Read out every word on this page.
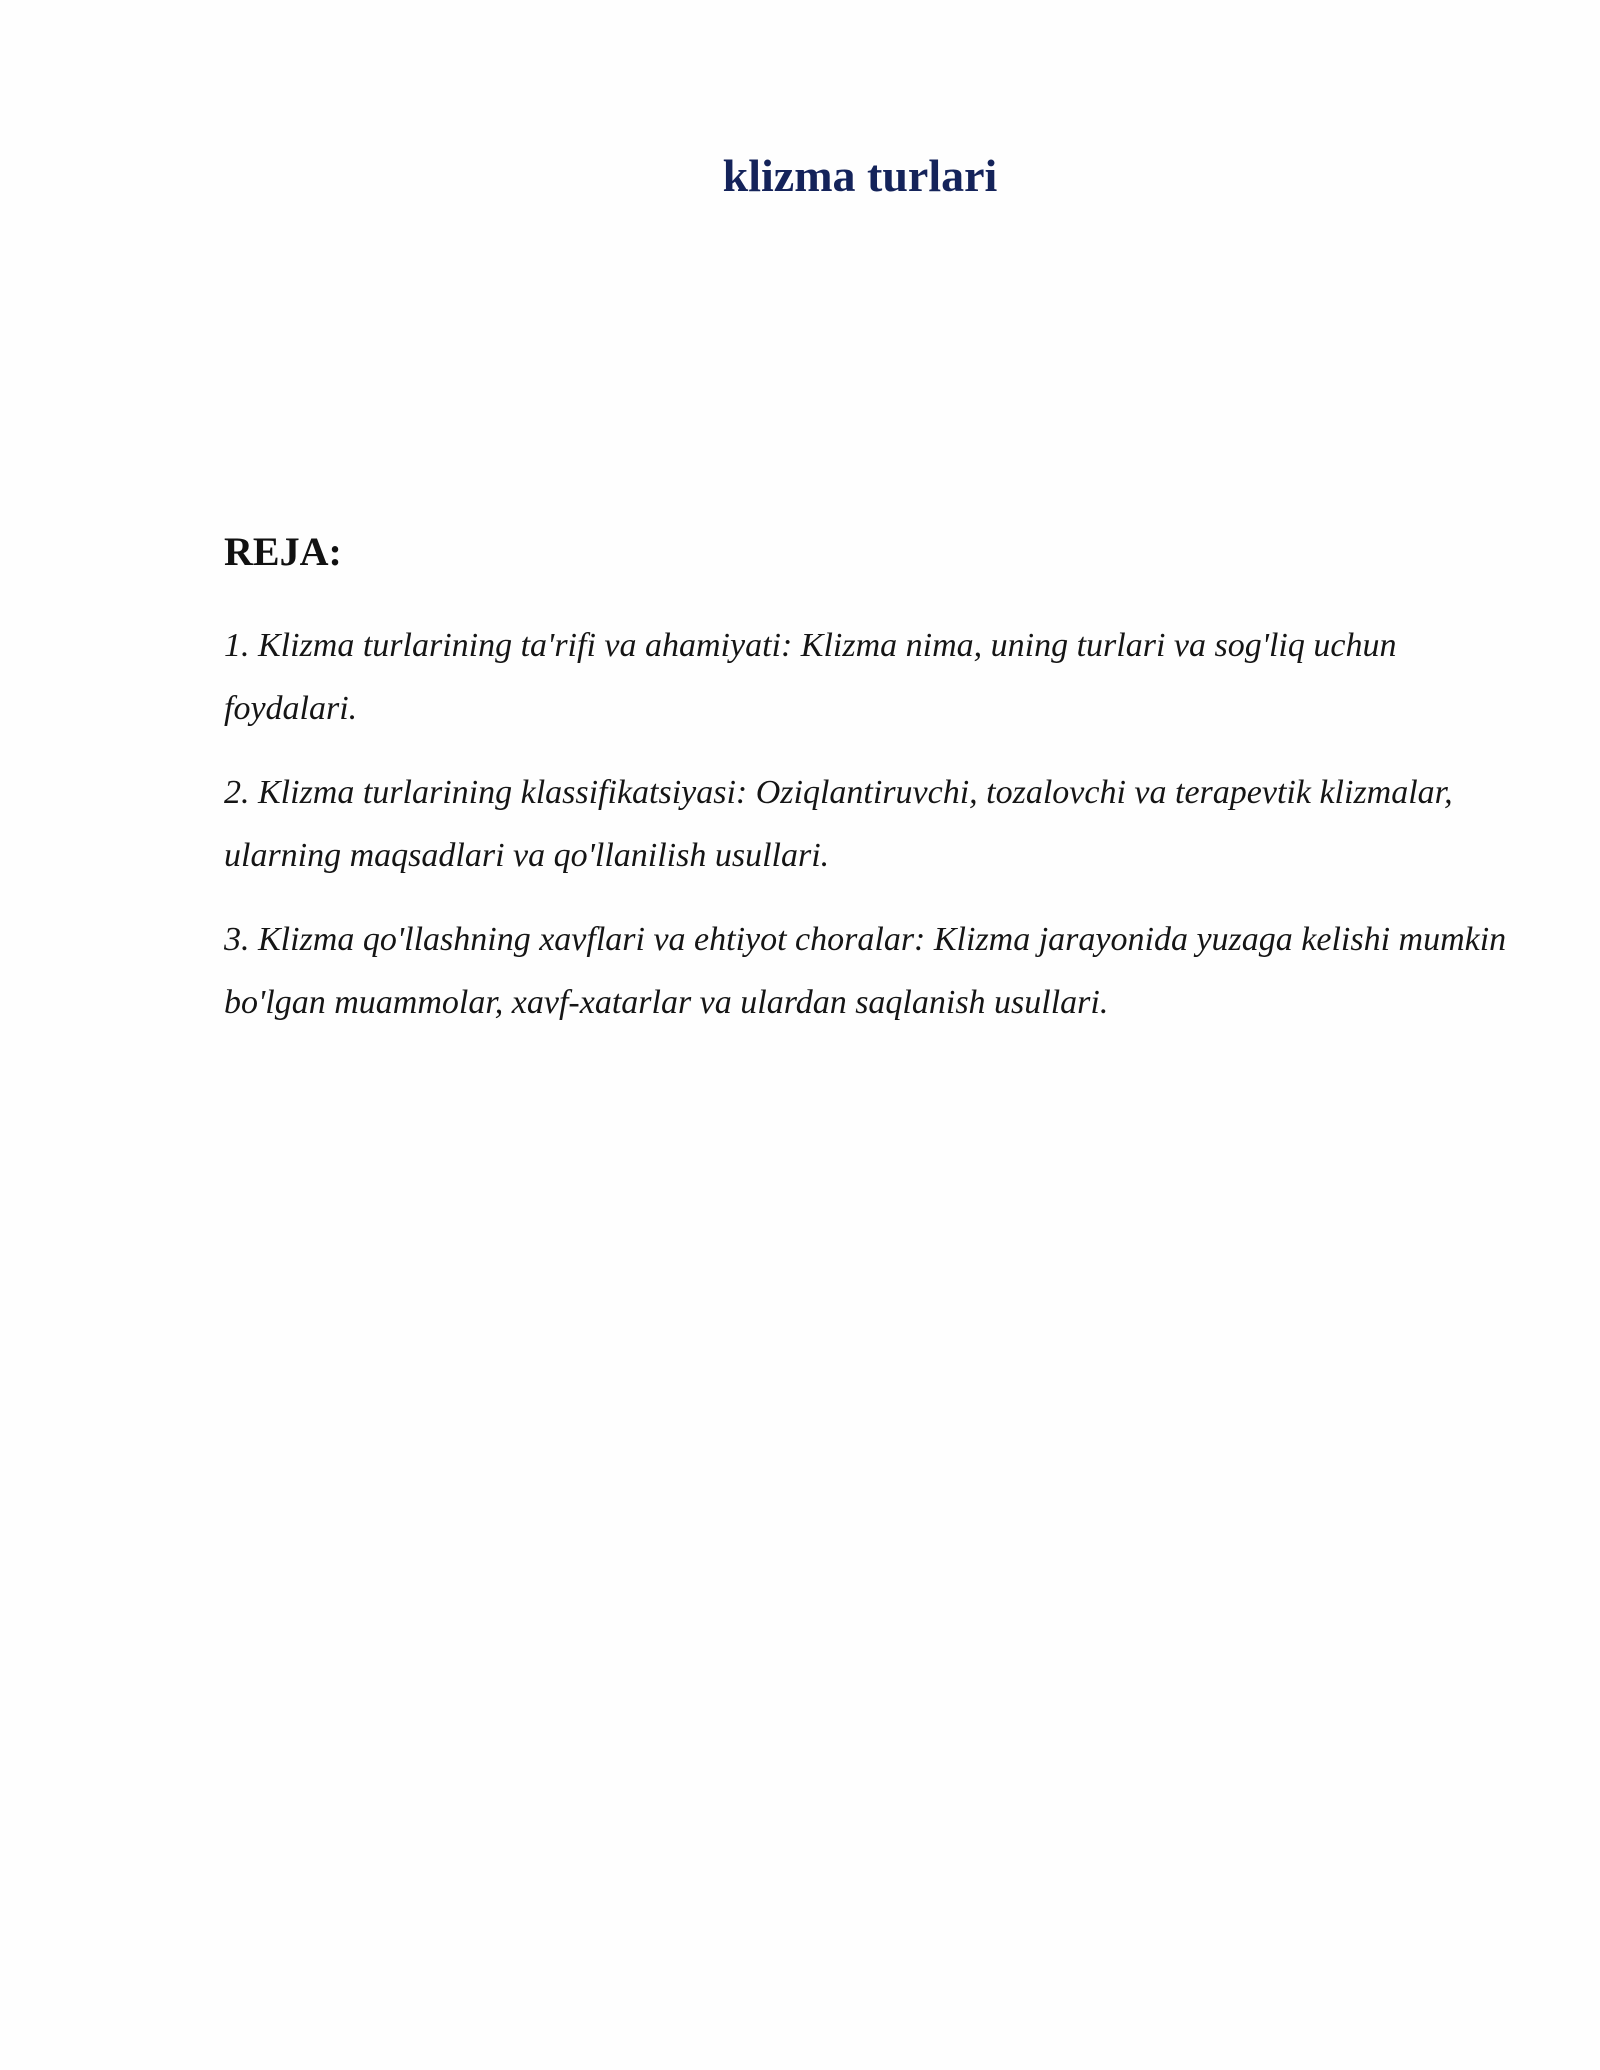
klizma turlari
REJA:
1. Klizma turlarining ta'rifi va ahamiyati: Klizma nima, uning turlari va sog'liq uchun foydalari.
2. Klizma turlarining klassifikatsiyasi: Oziqlantiruvchi, tozalovchi va terapevtik klizmalar, ularning maqsadlari va qo'llanilish usullari.
3. Klizma qo'llashning xavflari va ehtiyot choralar: Klizma jarayonida yuzaga kelishi mumkin bo'lgan muammolar, xavf-xatarlar va ulardan saqlanish usullari.
